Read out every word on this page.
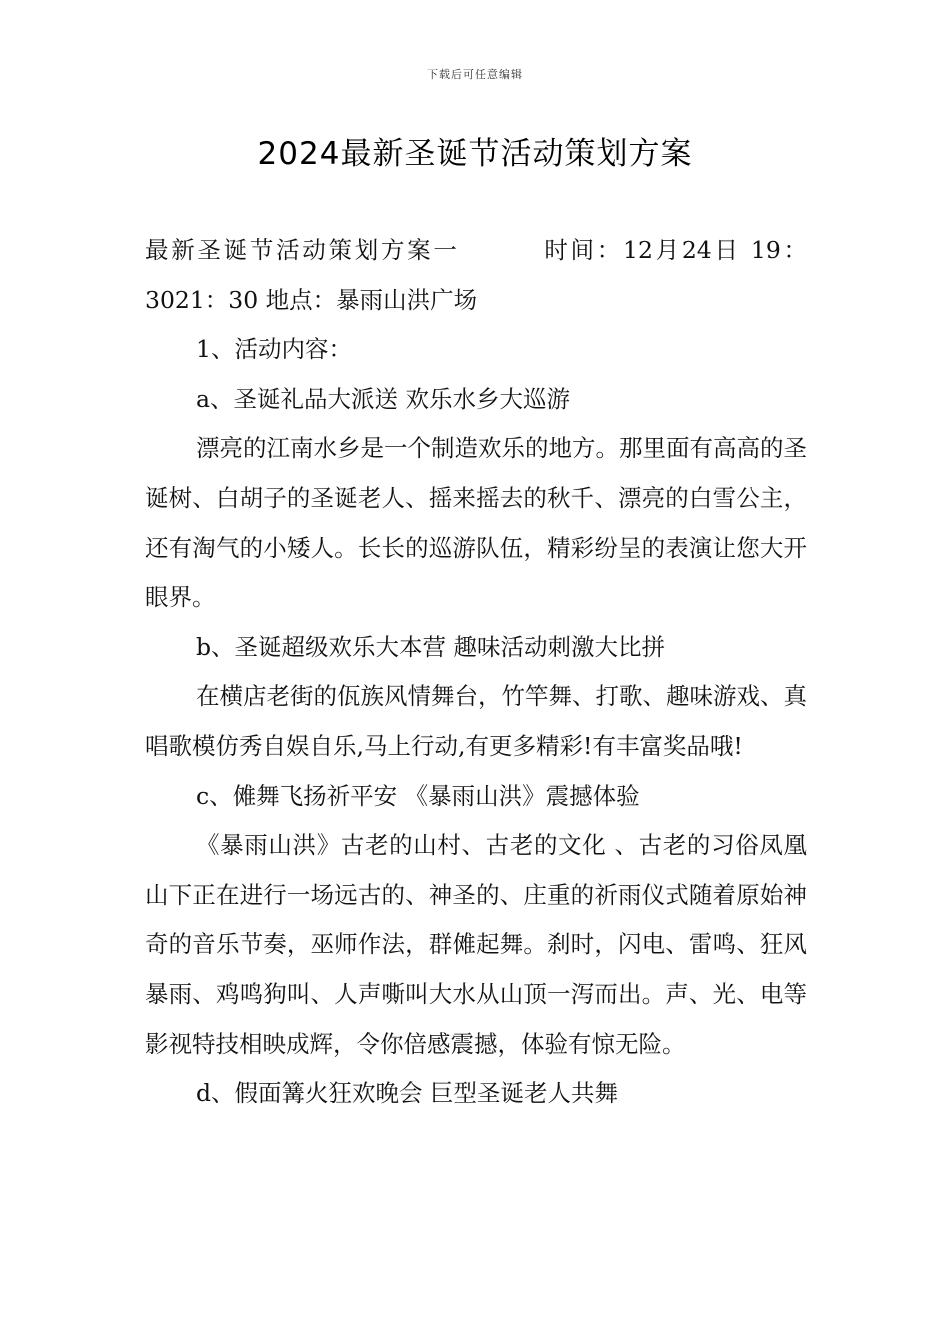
下载后可任意编辑
2024最新圣诞节活动策划方案

最新圣诞节活动策划方案一	时间：12月24日 19：3021：30 地点：暴雨山洪广场

1、活动内容：

a、圣诞礼品大派送 欢乐水乡大巡游

漂亮的江南水乡是一个制造欢乐的地方。那里面有高高的圣诞树、白胡子的圣诞老人、摇来摇去的秋千、漂亮的白雪公主，还有淘气的小矮人。长长的巡游队伍，精彩纷呈的表演让您大开眼界。

b、圣诞超级欢乐大本营 趣味活动刺激大比拼

在横店老街的佤族风情舞台，竹竿舞、打歌、趣味游戏、真唱歌模仿秀自娱自乐,马上行动,有更多精彩!有丰富奖品哦!

c、傩舞飞扬祈平安 《暴雨山洪》震撼体验

《暴雨山洪》古老的山村、古老的文化 、古老的习俗凤凰山下正在进行一场远古的、神圣的、庄重的祈雨仪式随着原始神奇的音乐节奏，巫师作法，群傩起舞。刹时，闪电、雷鸣、狂风暴雨、鸡鸣狗叫、人声嘶叫大水从山顶一泻而出。声、光、电等影视特技相映成辉，令你倍感震撼，体验有惊无险。

d、假面篝火狂欢晚会 巨型圣诞老人共舞
